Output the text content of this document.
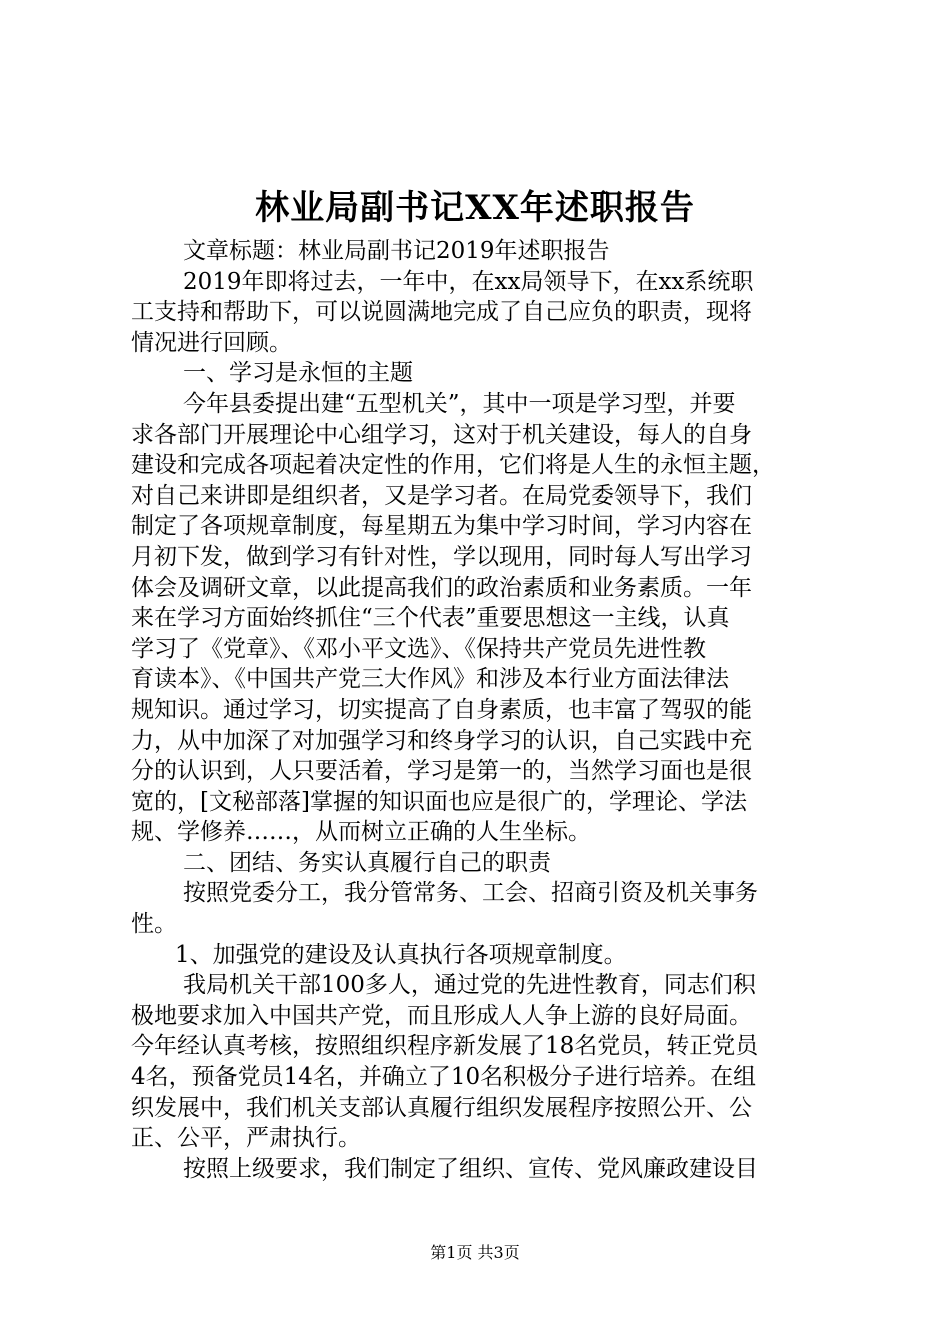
林业局副书记XX年述职报告
文章标题：林业局副书记2019年述职报告
2019年即将过去，一年中，在xx局领导下，在xx系统职
工支持和帮助下，可以说圆满地完成了自己应负的职责，现将
情况进行回顾。
一、学习是永恒的主题
今年县委提出建“五型机关”，其中一项是学习型，并要
求各部门开展理论中心组学习，这对于机关建设，每人的自身
建设和完成各项起着决定性的作用，它们将是人生的永恒主题，
对自己来讲即是组织者，又是学习者。在局党委领导下，我们
制定了各项规章制度，每星期五为集中学习时间，学习内容在
月初下发，做到学习有针对性，学以现用，同时每人写出学习
体会及调研文章，以此提高我们的政治素质和业务素质。一年
来在学习方面始终抓住“三个代表”重要思想这一主线，认真
学习了《党章》、《邓小平文选》、《保持共产党员先进性教
育读本》、《中国共产党三大作风》和涉及本行业方面法律法
规知识。通过学习，切实提高了自身素质，也丰富了驾驭的能
力，从中加深了对加强学习和终身学习的认识，自己实践中充
分的认识到，人只要活着，学习是第一的，当然学习面也是很
宽的，[文秘部落]掌握的知识面也应是很广的，学理论、学法
规、学修养……，从而树立正确的人生坐标。
二、团结、务实认真履行自己的职责
按照党委分工，我分管常务、工会、招商引资及机关事务
性。
1、加强党的建设及认真执行各项规章制度。
我局机关干部100多人，通过党的先进性教育，同志们积
极地要求加入中国共产党，而且形成人人争上游的良好局面。
今年经认真考核，按照组织程序新发展了18名党员，转正党员
4名，预备党员14名，并确立了10名积极分子进行培养。在组
织发展中，我们机关支部认真履行组织发展程序按照公开、公
正、公平，严肃执行。
按照上级要求，我们制定了组织、宣传、党风廉政建设目
第1页 共3页
